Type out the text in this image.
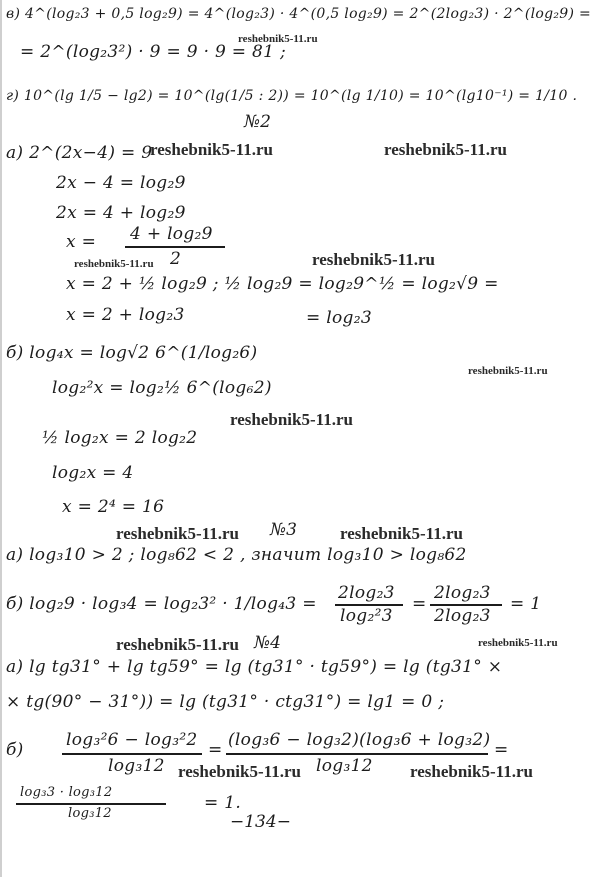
в) 4^(log₂3 + 0,5 log₂9) = 4^(log₂3) · 4^(0,5 log₂9) = 2^(2log₂3) · 2^(log₂9) =
= 2^(log₂3²) · 9 = 9 · 9 = 81 ;
г) 10^(lg 1/5 − lg2) = 10^(lg(1/5 : 2)) = 10^(lg 1/10) = 10^(lg10⁻¹) = 1/10 .
№2
а) 2^(2x−4) = 9
2x − 4 = log₂9
2x = 4 + log₂9
x = 4 + log₂9
2
x = 2 + ½ log₂9 ; ½ log₂9 = log₂9^½ = log₂√9 =
= log₂3
x = 2 + log₂3
б) log₄x = log√2 6^(1/log₂6)
log₂²x = log₂½ 6^(log₆2)
½ log₂x = 2 log₂2
log₂x = 4
x = 2⁴ = 16
№3
а) log₃10 > 2 ; log₈62 < 2 , значит log₃10 > log₈62
б) log₂9 · log₃4 = log₂3² · 1/log₄3 =
2log₂3
log₂²3
=
2log₂3
2log₂3
= 1
№4
а) lg tg31° + lg tg59° = lg (tg31° · tg59°) = lg (tg31° ×
× tg(90° − 31°)) = lg (tg31° · ctg31°) = lg1 = 0 ;
б) log₃²6 − log₃²2
log₃12
= (log₃6 − log₃2)(log₃6 + log₃2)
log₃12
=
log₃3 · log₃12
log₃12
= 1.
−134−
reshebnik5-11.ru
reshebnik5-11.ru	reshebnik5-11.ru
reshebnik5-11.ru
reshebnik5-11.ru
reshebnik5-11.ru
reshebnik5-11.ru
reshebnik5-11.ru	reshebnik5-11.ru
reshebnik5-11.ru	reshebnik5-11.ru
reshebnik5-11.ru	reshebnik5-11.ru
